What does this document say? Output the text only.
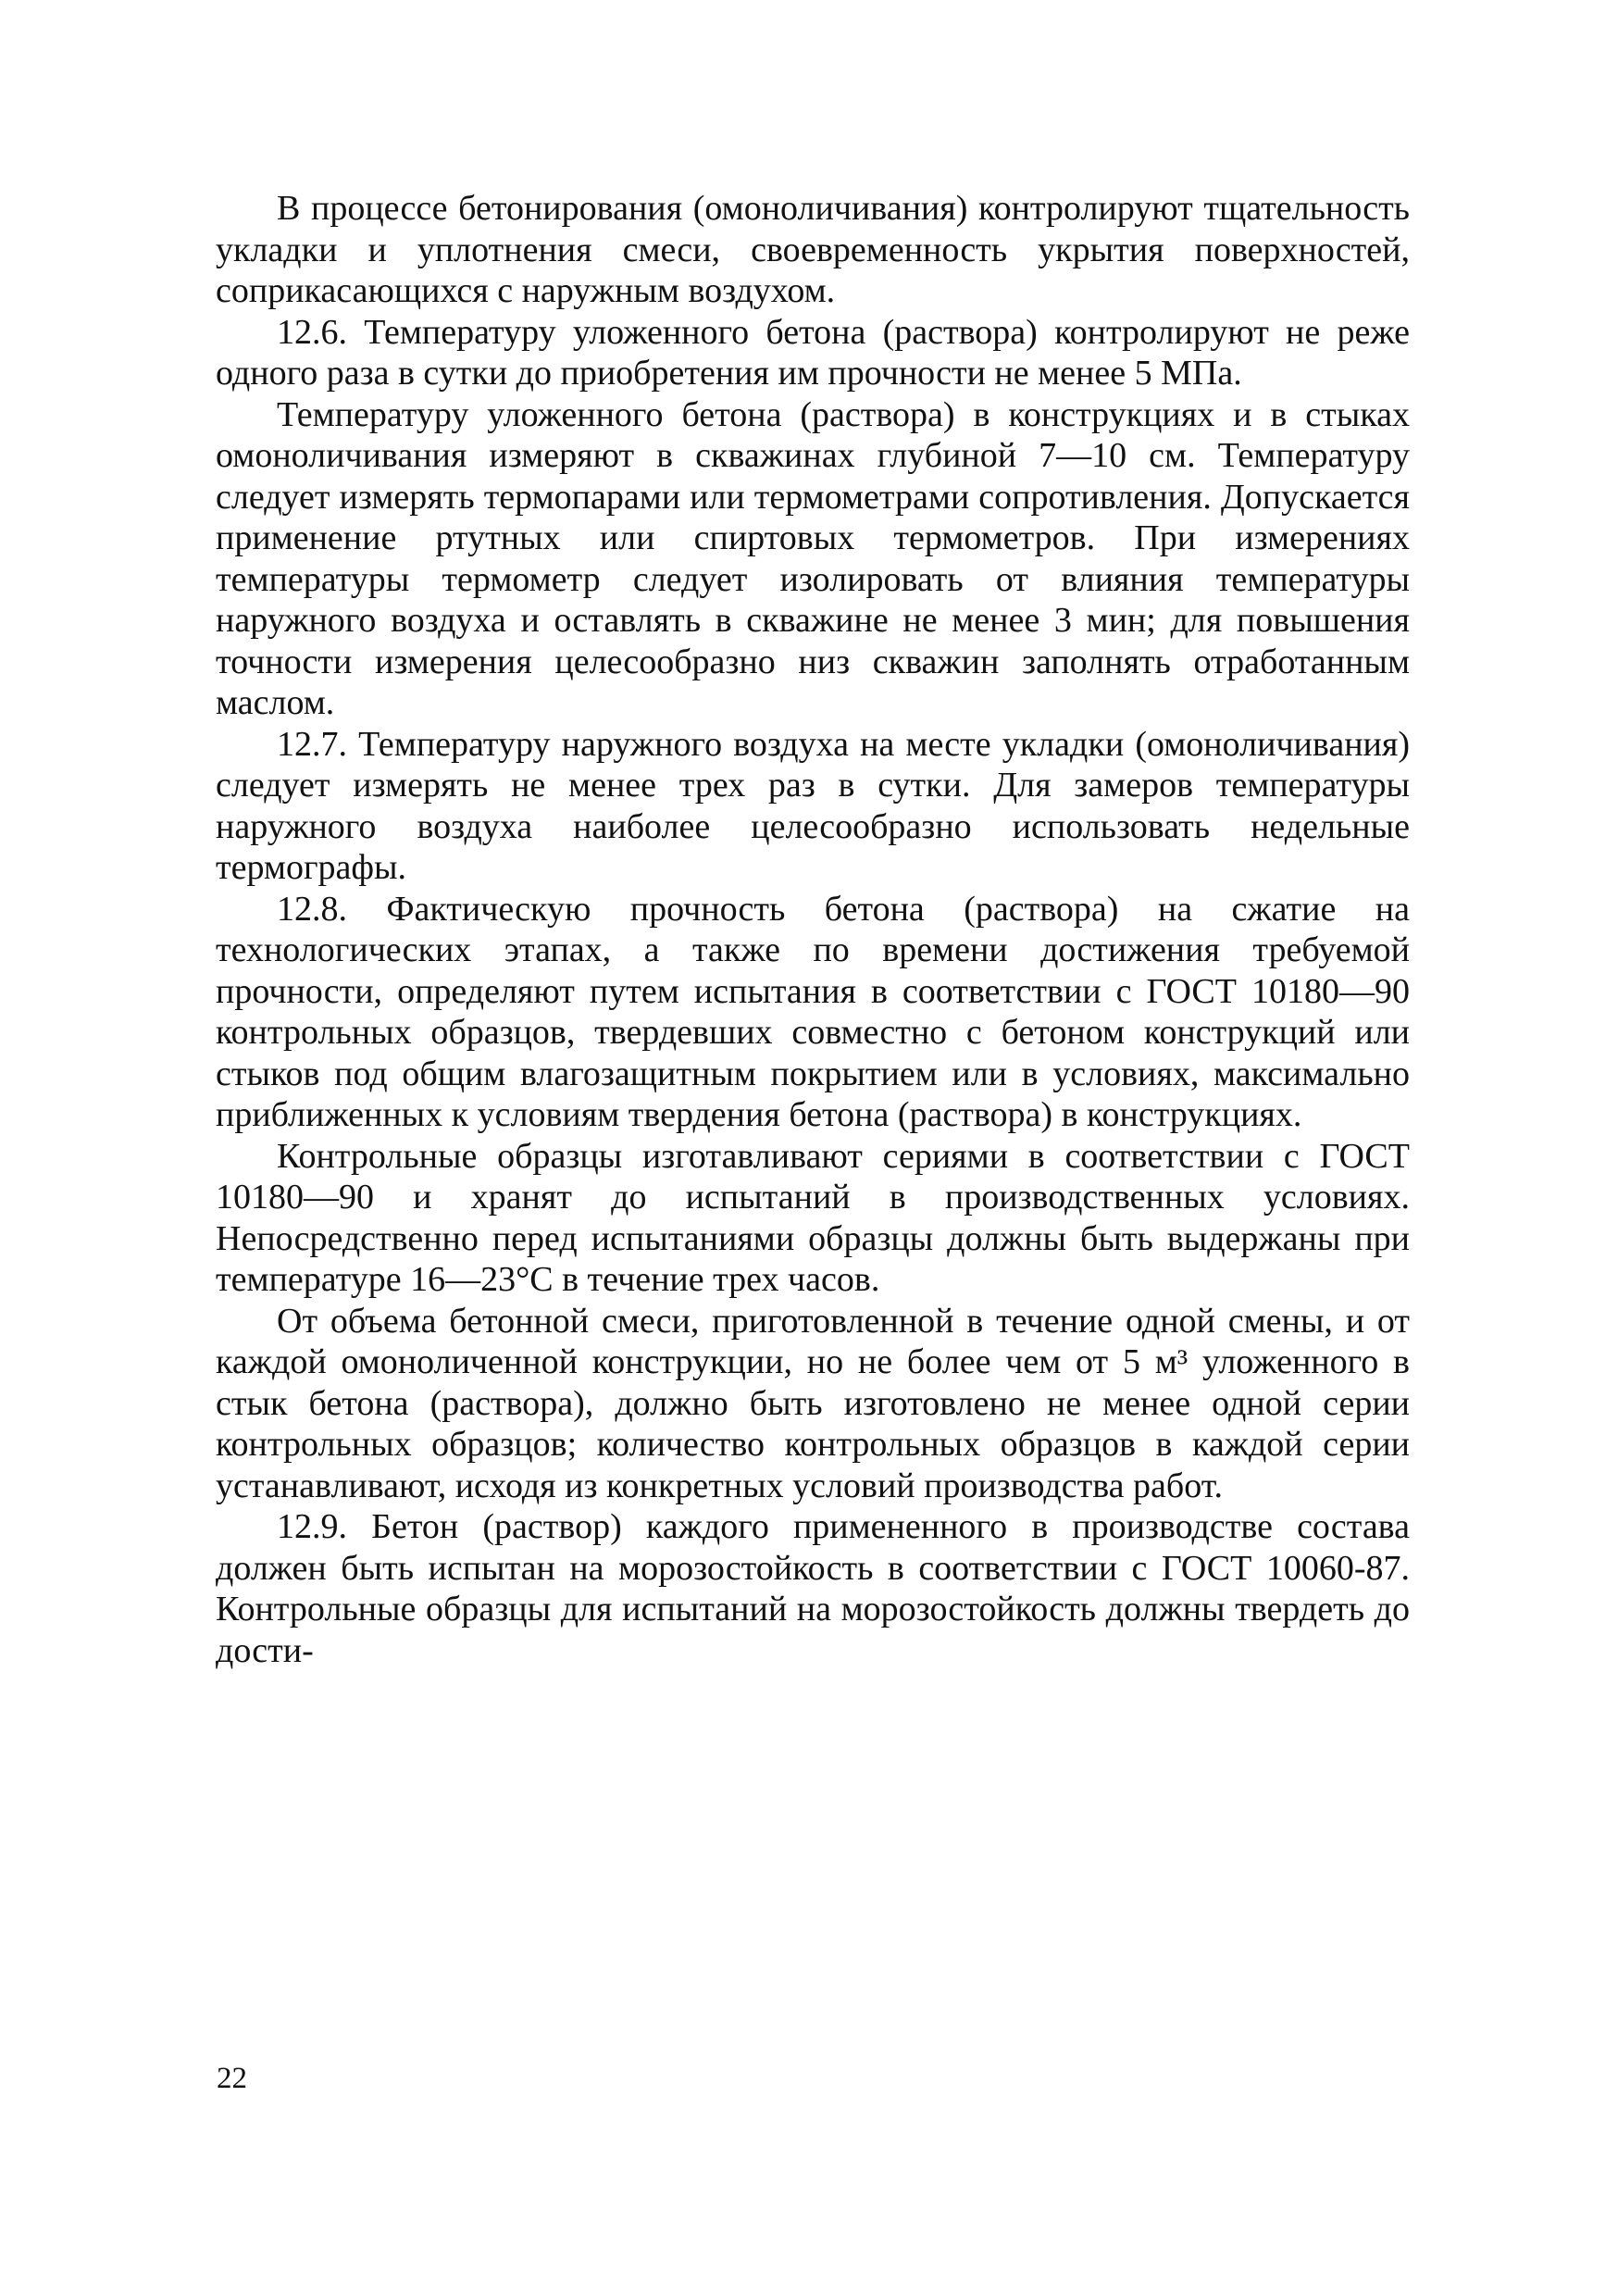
В процессе бетонирования (омоноличивания) контролируют тщательность укладки и уплотнения смеси, своевременность укрытия поверхностей, соприкасающихся с наружным воздухом.

12.6. Температуру уложенного бетона (раствора) контролируют не реже одного раза в сутки до приобретения им прочности не менее 5 МПа.

Температуру уложенного бетона (раствора) в конструкциях и в стыках омоноличивания измеряют в скважинах глубиной 7—10 см. Температуру следует измерять термопарами или термометрами сопротивления. Допускается применение ртутных или спиртовых термометров. При измерениях температуры термометр следует изолировать от влияния температуры наружного воздуха и оставлять в скважине не менее 3 мин; для повышения точности измерения целесообразно низ скважин заполнять отработанным маслом.

12.7. Температуру наружного воздуха на месте укладки (омоноличивания) следует измерять не менее трех раз в сутки. Для замеров температуры наружного воздуха наиболее целесообразно использовать недельные термографы.

12.8. Фактическую прочность бетона (раствора) на сжатие на технологических этапах, а также по времени достижения требуемой прочности, определяют путем испытания в соответствии с ГОСТ 10180—90 контрольных образцов, твердевших совместно с бетоном конструкций или стыков под общим влагозащитным покрытием или в условиях, максимально приближенных к условиям твердения бетона (раствора) в конструкциях.

Контрольные образцы изготавливают сериями в соответствии с ГОСТ 10180—90 и хранят до испытаний в производственных условиях. Непосредственно перед испытаниями образцы должны быть выдержаны при температуре 16—23°С в течение трех часов.

От объема бетонной смеси, приготовленной в течение одной смены, и от каждой омоноличенной конструкции, но не более чем от 5 м³ уложенного в стык бетона (раствора), должно быть изготовлено не менее одной серии контрольных образцов; количество контрольных образцов в каждой серии устанавливают, исходя из конкретных условий производства работ.

12.9. Бетон (раствор) каждого примененного в производстве состава должен быть испытан на морозостойкость в соответствии с ГОСТ 10060-87. Контрольные образцы для испытаний на морозостойкость должны твердеть до дости-

22
